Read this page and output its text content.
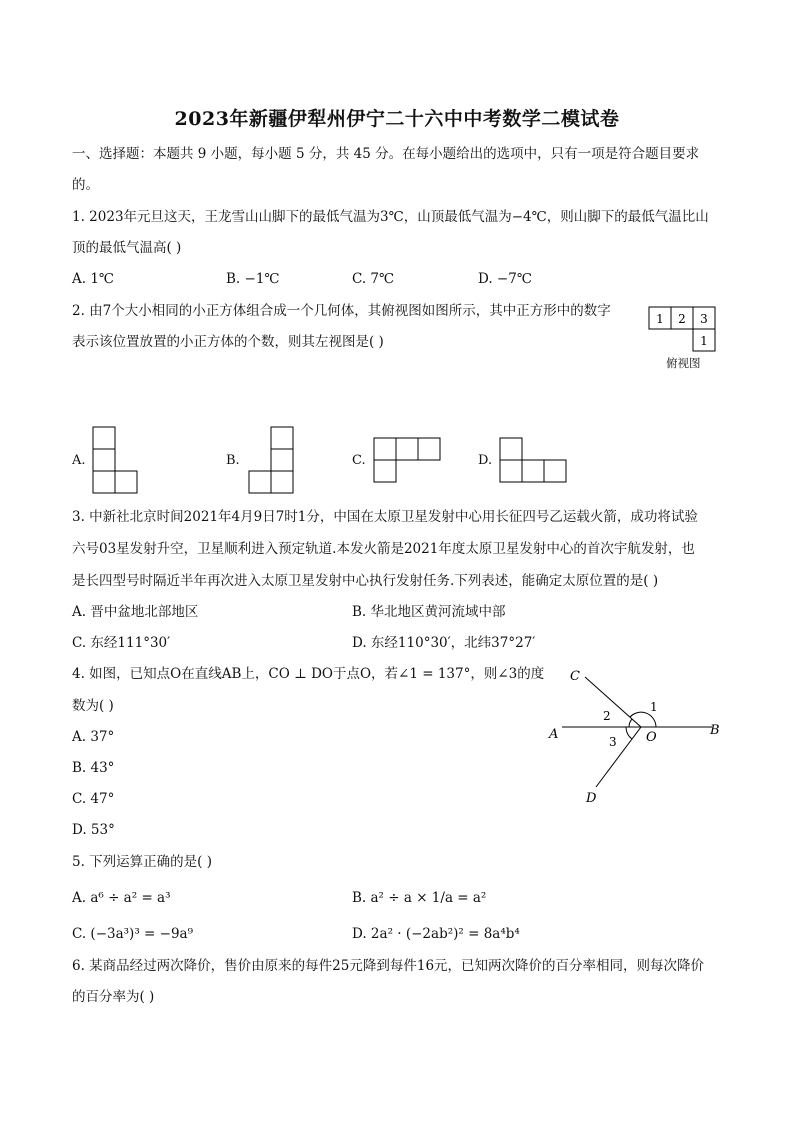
2023年新疆伊犁州伊宁二十六中中考数学二模试卷
一、选择题：本题共 9 小题，每小题 5 分，共 45 分。在每小题给出的选项中，只有一项是符合题目要求
的。
1. 2023年元旦这天，王龙雪山山脚下的最低气温为3℃，山顶最低气温为−4℃，则山脚下的最低气温比山
顶的最低气温高( )
A. 1℃	B. −1℃	C. 7℃	D. −7℃
2. 由7个大小相同的小正方体组合成一个几何体，其俯视图如图所示，其中正方形中的数字
表示该位置放置的小正方体的个数，则其左视图是( )
1 2 3
1
俯视图
A.	B.	C.	D.
3. 中新社北京时间2021年4月9日7时1分，中国在太原卫星发射中心用长征四号乙运载火箭，成功将试验
六号03星发射升空，卫星顺利进入预定轨道.本发火箭是2021年度太原卫星发射中心的首次宇航发射，也
是长四型号时隔近半年再次进入太原卫星发射中心执行发射任务.下列表述，能确定太原位置的是( )
A. 晋中盆地北部地区	B. 华北地区黄河流域中部
C. 东经111°30′	D. 东经110°30′，北纬37°27′
4. 如图，已知点O在直线AB上，CO ⊥ DO于点O，若∠1 = 137°，则∠3的度
数为( )
A. 37°
B. 43°
C. 47°
D. 53°
C
A	B
D
O
1
2
3
5. 下列运算正确的是( )
A. a⁶ ÷ a² = a³	B. a² ÷ a × 1/a = a²
C. (−3a³)³ = −9a⁹	D. 2a² · (−2ab²)² = 8a⁴b⁴
6. 某商品经过两次降价，售价由原来的每件25元降到每件16元，已知两次降价的百分率相同，则每次降价
的百分率为( )
